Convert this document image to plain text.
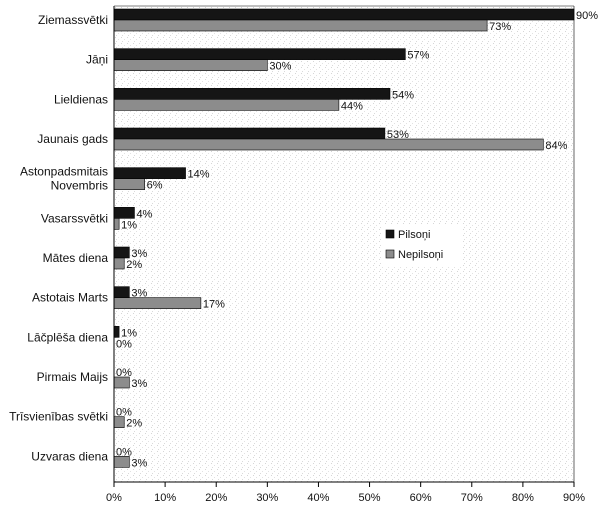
90%
73%
57%
30%
54%
44%
53%
84%
14%
6%
4%
1%
3%
2%
3%
17%
1%
0%
0%
3%
0%
2%
0%
3%
Ziemassvētki
Jāņi
Lieldienas
Jaunais gads
Astonpadsmitais Novembris
Vasarssvētki
Mātes diena
Astotais Marts
Lāčplēša diena
Pirmais Maijs
Trīsvienības svētki
Uzvaras diena
0%	10%	20%	30%	40%	50%	60%	70%	80%	90%
Pilsoņi
Nepilsoņi
